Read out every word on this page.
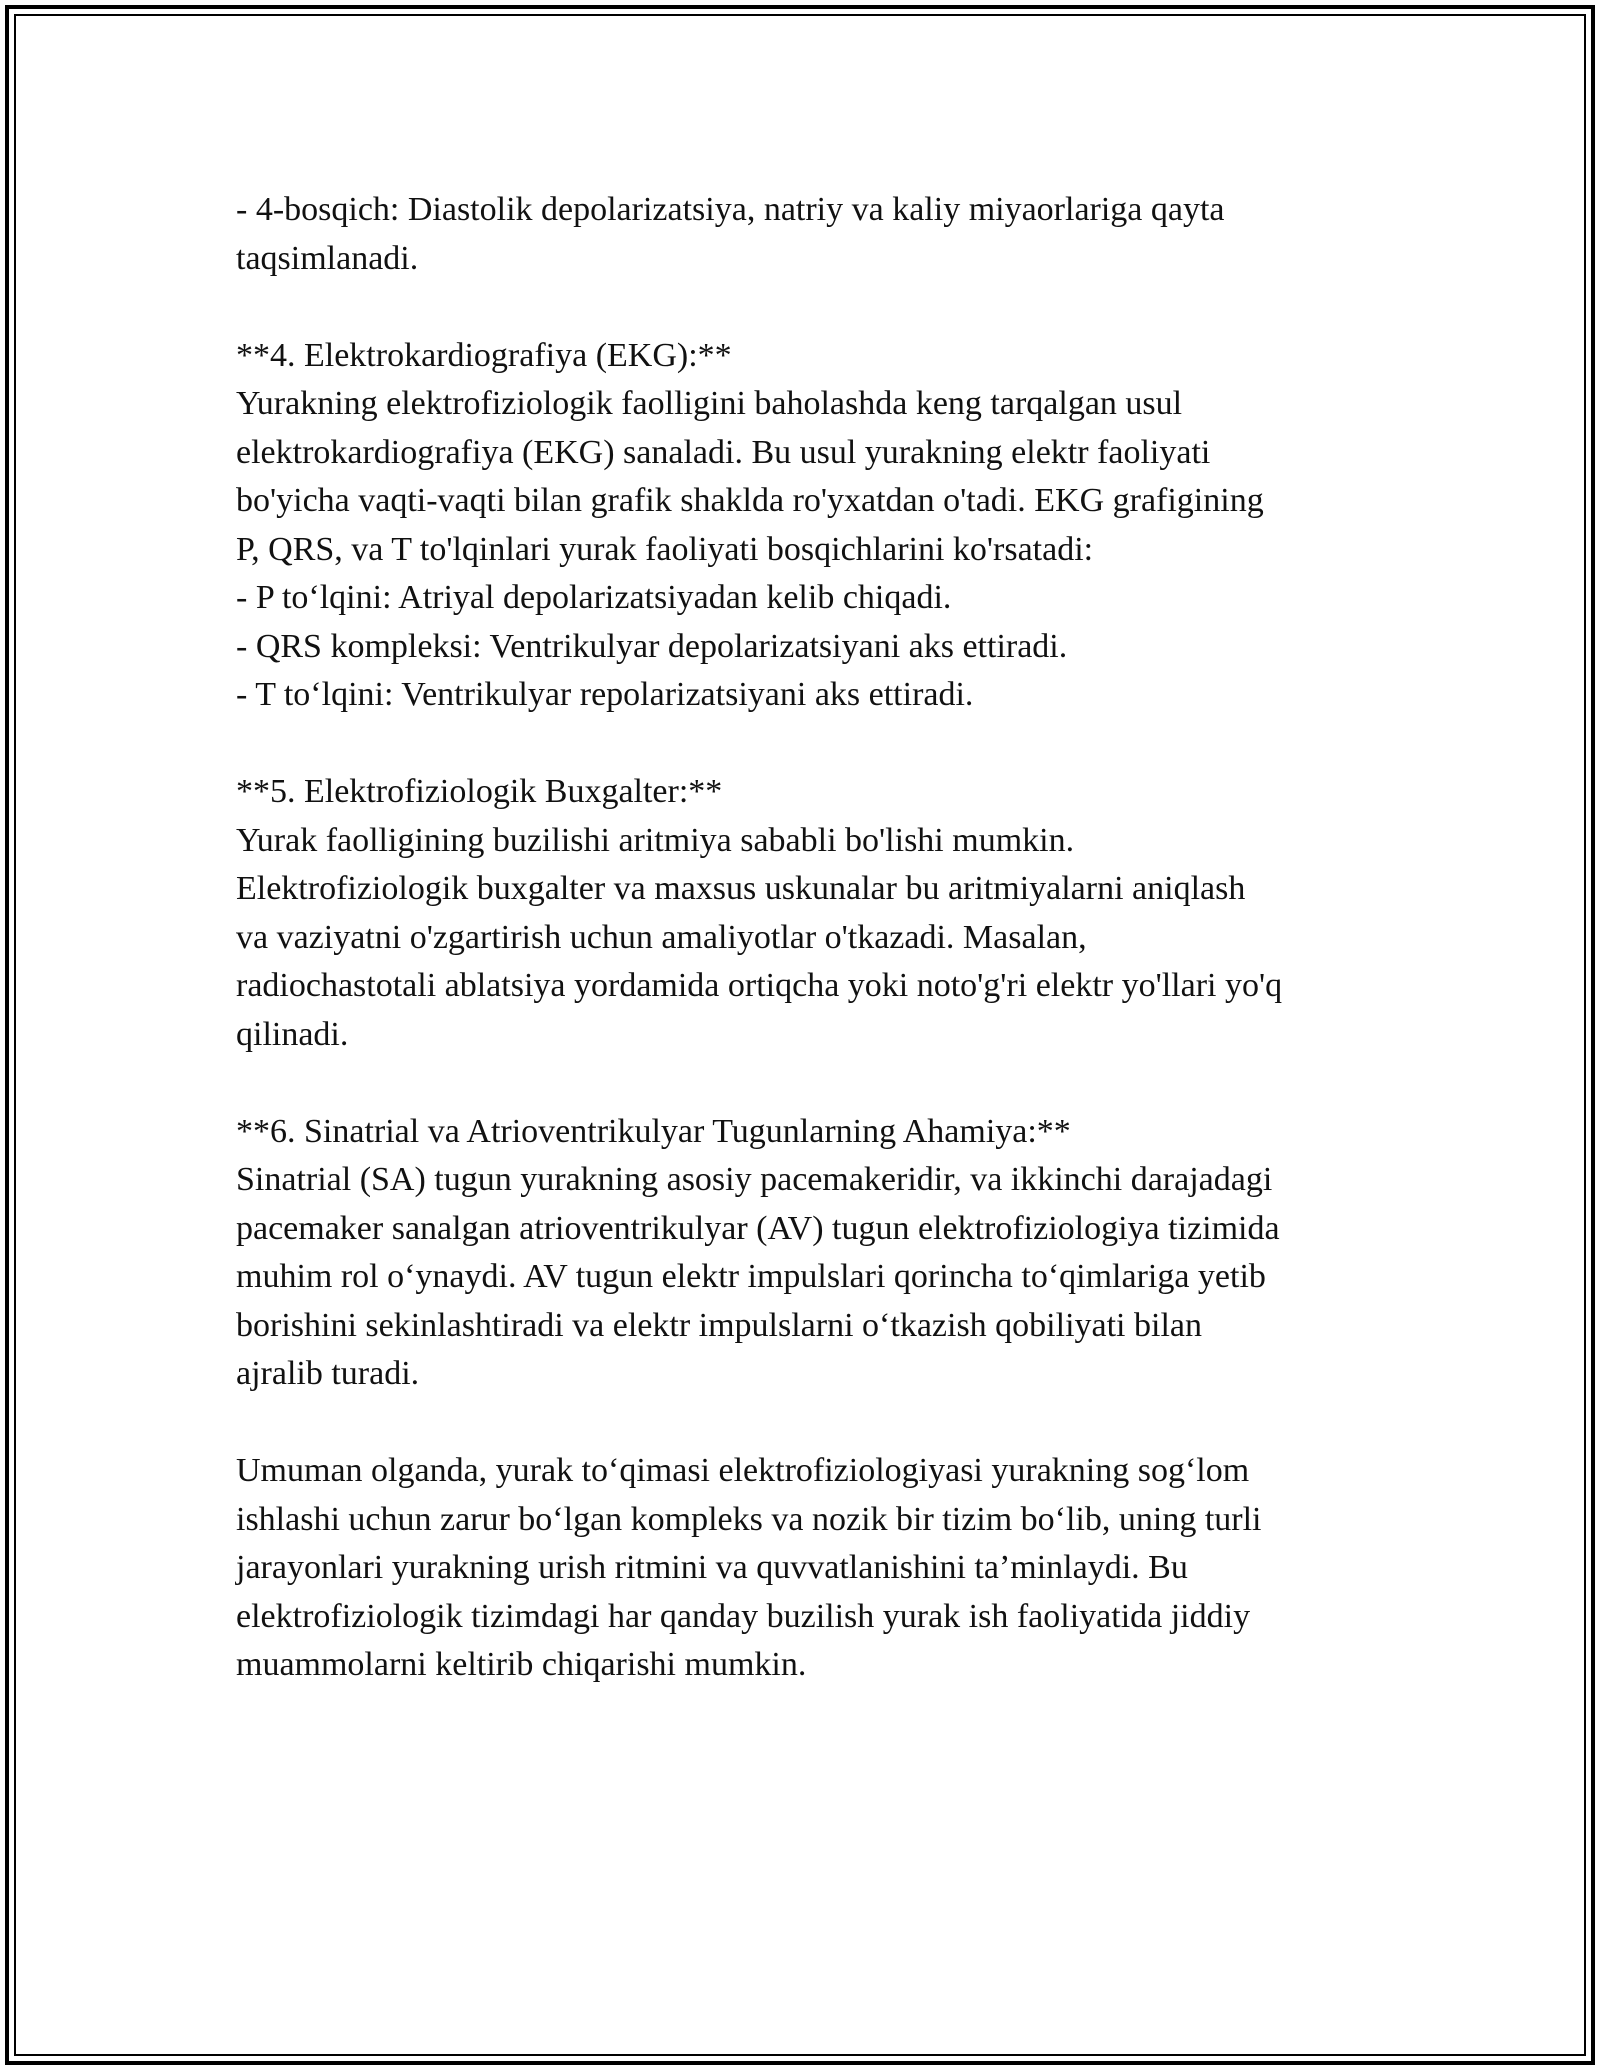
- 4-bosqich: Diastolik depolarizatsiya, natriy va kaliy miyaorlariga qayta
taqsimlanadi.
**4. Elektrokardiografiya (EKG):**
Yurakning elektrofiziologik faolligini baholashda keng tarqalgan usul
elektrokardiografiya (EKG) sanaladi. Bu usul yurakning elektr faoliyati
bo'yicha vaqti-vaqti bilan grafik shaklda ro'yxatdan o'tadi. EKG grafigining
P, QRS, va T to'lqinlari yurak faoliyati bosqichlarini ko'rsatadi:
- P to‘lqini: Atriyal depolarizatsiyadan kelib chiqadi.
- QRS kompleksi: Ventrikulyar depolarizatsiyani aks ettiradi.
- T to‘lqini: Ventrikulyar repolarizatsiyani aks ettiradi.
**5. Elektrofiziologik Buxgalter:**
Yurak faolligining buzilishi aritmiya sababli bo'lishi mumkin.
Elektrofiziologik buxgalter va maxsus uskunalar bu aritmiyalarni aniqlash
va vaziyatni o'zgartirish uchun amaliyotlar o'tkazadi. Masalan,
radiochastotali ablatsiya yordamida ortiqcha yoki noto'g'ri elektr yo'llari yo'q
qilinadi.
**6. Sinatrial va Atrioventrikulyar Tugunlarning Ahamiya:**
Sinatrial (SA) tugun yurakning asosiy pacemakeridir, va ikkinchi darajadagi
pacemaker sanalgan atrioventrikulyar (AV) tugun elektrofiziologiya tizimida
muhim rol o‘ynaydi. AV tugun elektr impulslari qorincha to‘qimlariga yetib
borishini sekinlashtiradi va elektr impulslarni o‘tkazish qobiliyati bilan
ajralib turadi.
Umuman olganda, yurak to‘qimasi elektrofiziologiyasi yurakning sog‘lom
ishlashi uchun zarur bo‘lgan kompleks va nozik bir tizim bo‘lib, uning turli
jarayonlari yurakning urish ritmini va quvvatlanishini ta’minlaydi. Bu
elektrofiziologik tizimdagi har qanday buzilish yurak ish faoliyatida jiddiy
muammolarni keltirib chiqarishi mumkin.
